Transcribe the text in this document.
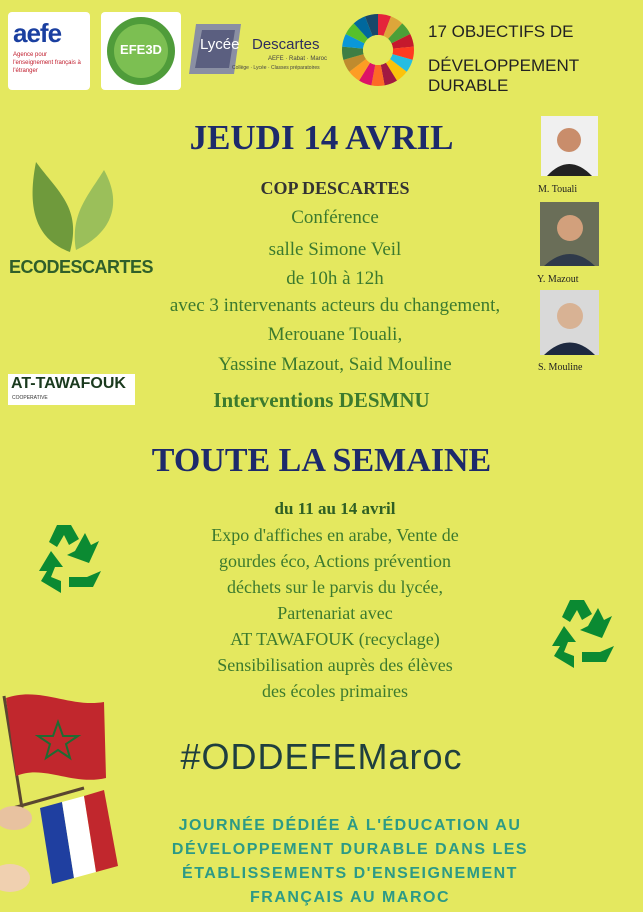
aefe
Agence pour l'enseignement français à l'étranger
EFE3D	Lycée Descartes
AEFE · Rabat · Maroc
Collège · Lycée · Classes préparatoires
17 OBJECTIFS DE
DÉVELOPPEMENT DURABLE
JEUDI 14 AVRIL
COP DESCARTES
Conférence
salle Simone Veil
de 10h à 12h
avec 3 intervenants acteurs du changement,
Merouane Touali,
Yassine Mazout, Said Mouline
Interventions DESMNU
M. Touali
Y. Mazout
S. Mouline
ECODESCARTES
AT-TAWAFOUK
COOPERATIVE
TOUTE LA SEMAINE
du 11 au 14 avril
Expo d'affiches en arabe, Vente de
gourdes éco, Actions prévention
déchets sur le parvis du lycée,
Partenariat avec
AT TAWAFOUK (recyclage)
Sensibilisation auprès des élèves
des écoles primaires
#ODDEFEMaroc
JOURNÉE DÉDIÉE À L'ÉDUCATION AU
DÉVELOPPEMENT DURABLE DANS LES
ÉTABLISSEMENTS D'ENSEIGNEMENT
FRANÇAIS AU MAROC
